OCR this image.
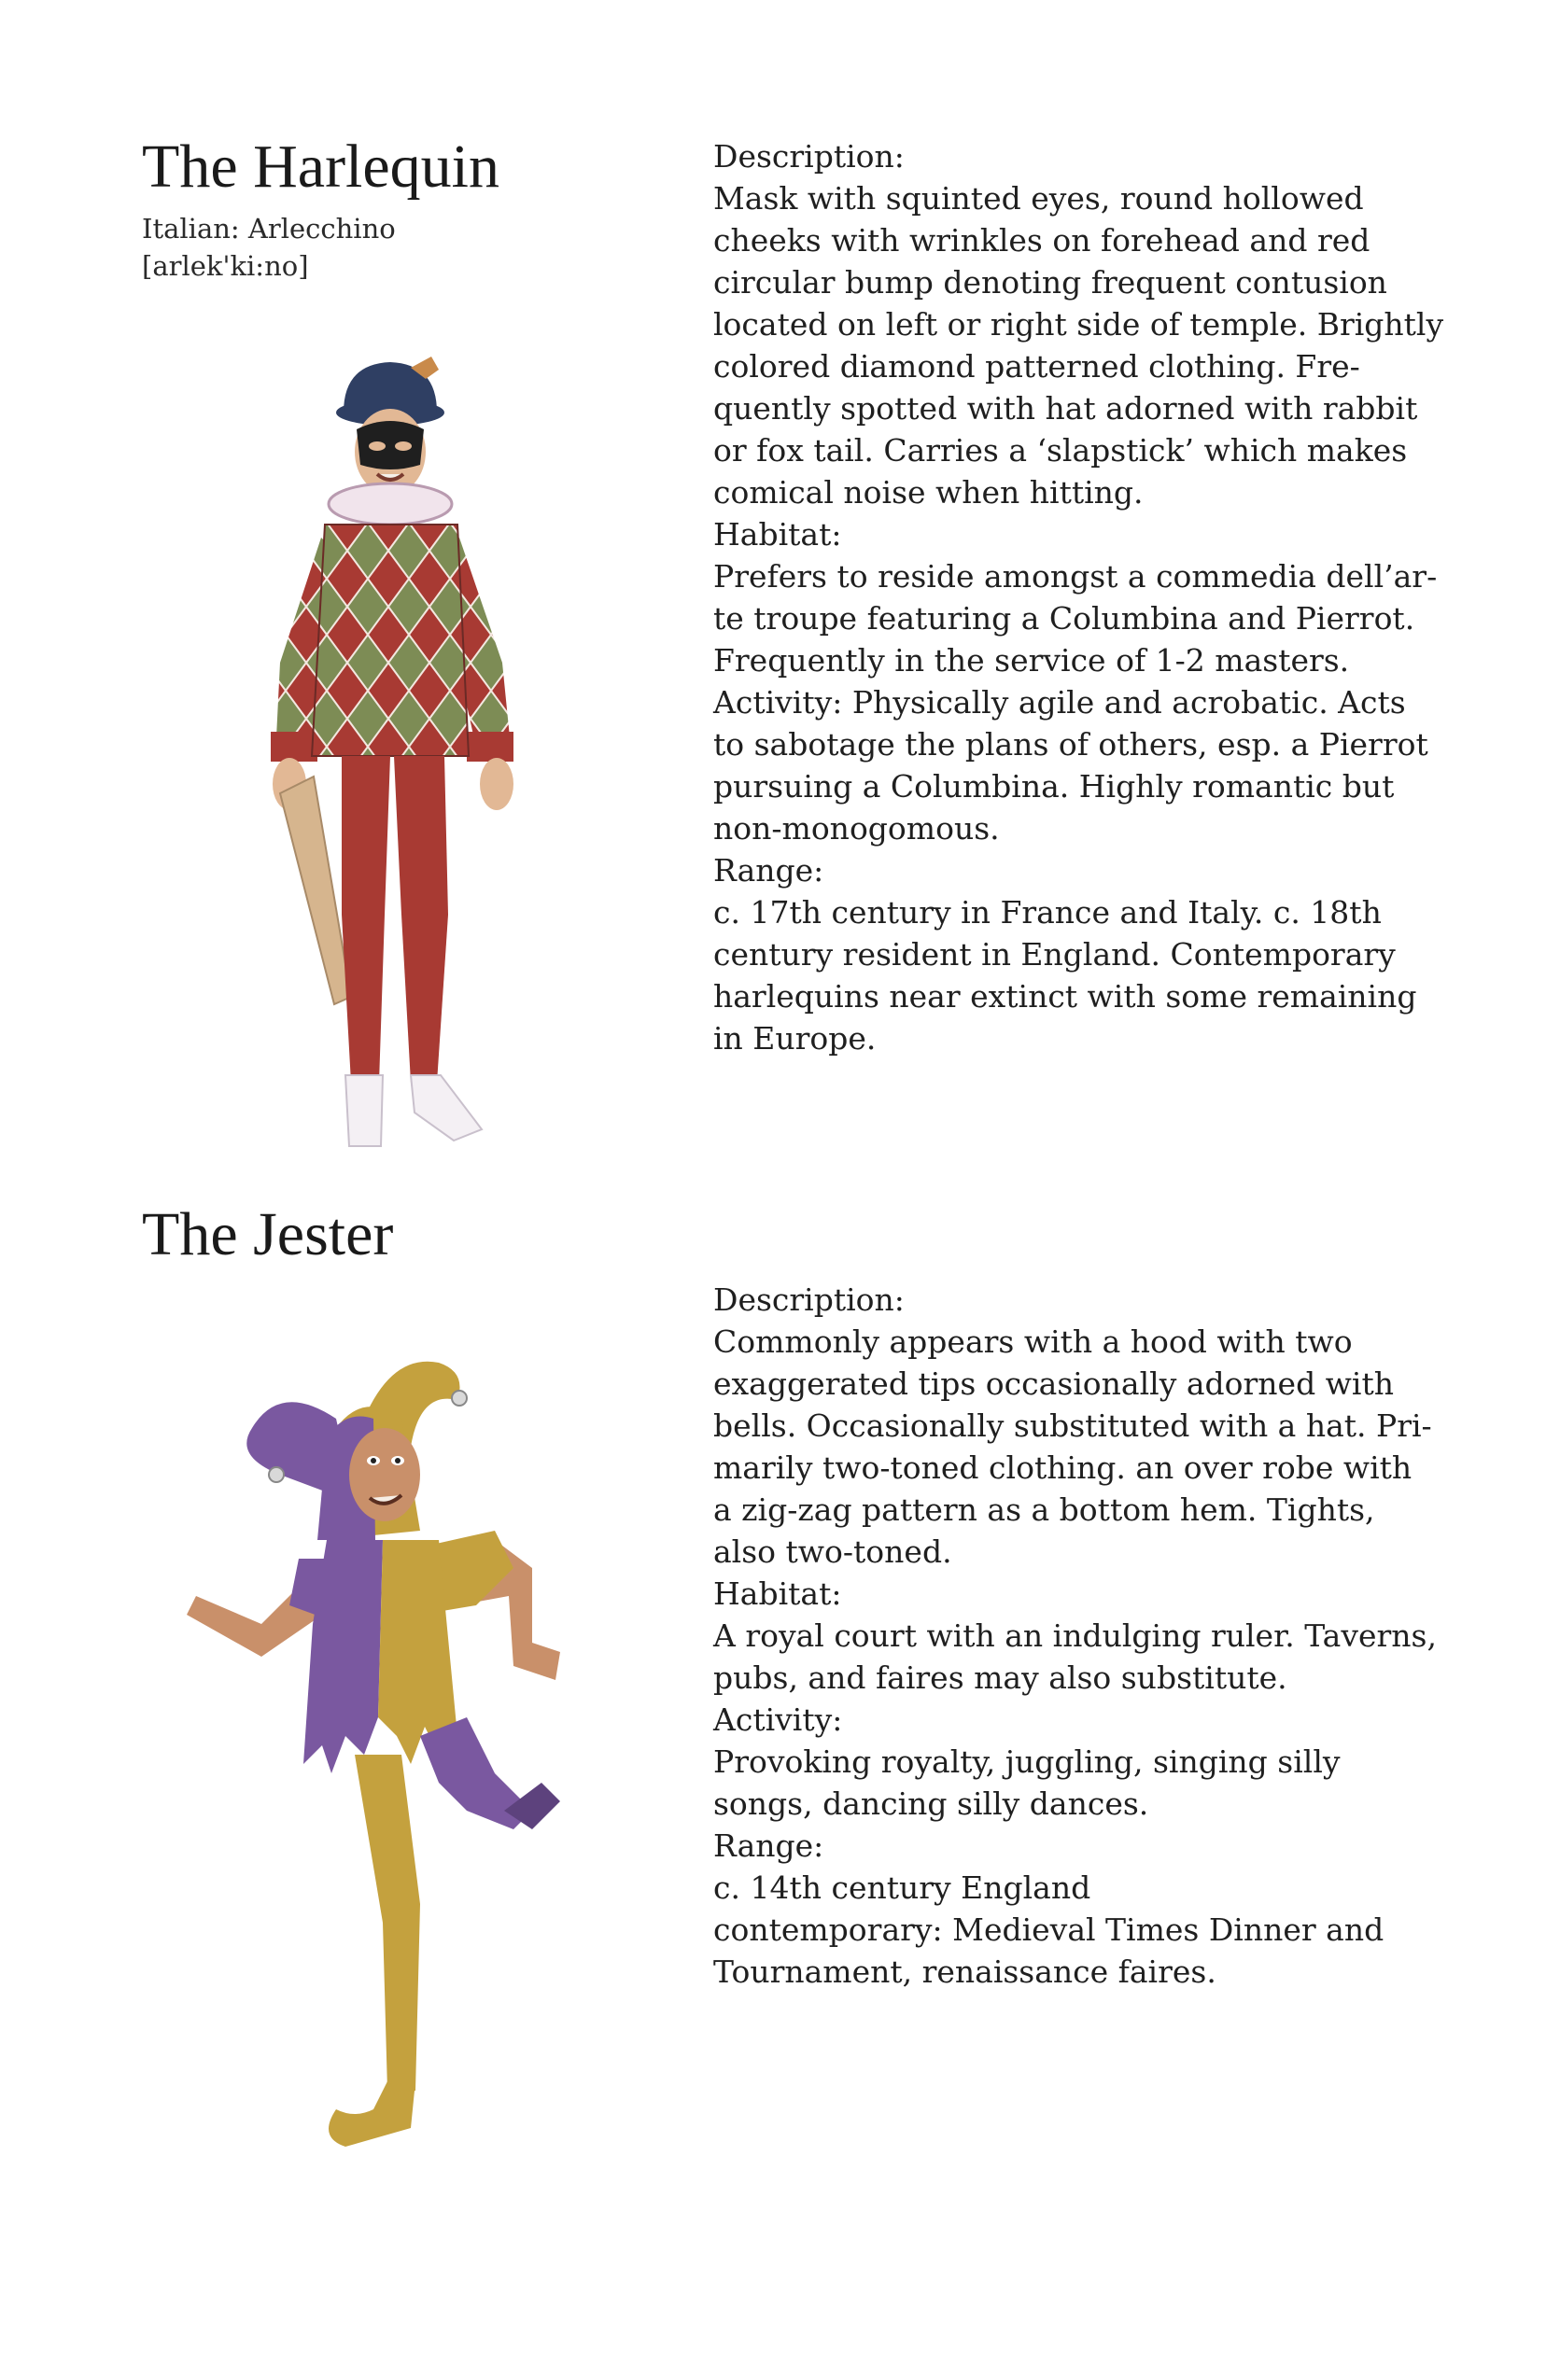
The Harlequin
Italian: Arlecchino
[arlek'ki:no]
Description:
Mask with squinted eyes, round hollowed
cheeks with wrinkles on forehead and red
circular bump denoting frequent contusion
located on left or right side of temple. Brightly
colored diamond patterned clothing. Fre-
quently spotted with hat adorned with rabbit
or fox tail. Carries a ‘slapstick’ which makes
comical noise when hitting.
Habitat:
Prefers to reside amongst a commedia dell’ar-
te troupe featuring a Columbina and Pierrot.
Frequently in the service of 1-2 masters.
Activity: Physically agile and acrobatic. Acts
to sabotage the plans of others, esp. a Pierrot
pursuing a Columbina. Highly romantic but
non-monogomous.
Range:
c. 17th century in France and Italy. c. 18th
century resident in England. Contemporary
harlequins near extinct with some remaining
in Europe.
The Jester
Description:
Commonly appears with a hood with two
exaggerated tips occasionally adorned with
bells. Occasionally substituted with a hat. Pri-
marily two-toned clothing. an over robe with
a zig-zag pattern as a bottom hem. Tights,
also two-toned.
Habitat:
A royal court with an indulging ruler. Taverns,
pubs, and faires may also substitute.
Activity:
Provoking royalty, juggling, singing silly
songs, dancing silly dances.
Range:
c. 14th century England
contemporary: Medieval Times Dinner and
Tournament, renaissance faires.
